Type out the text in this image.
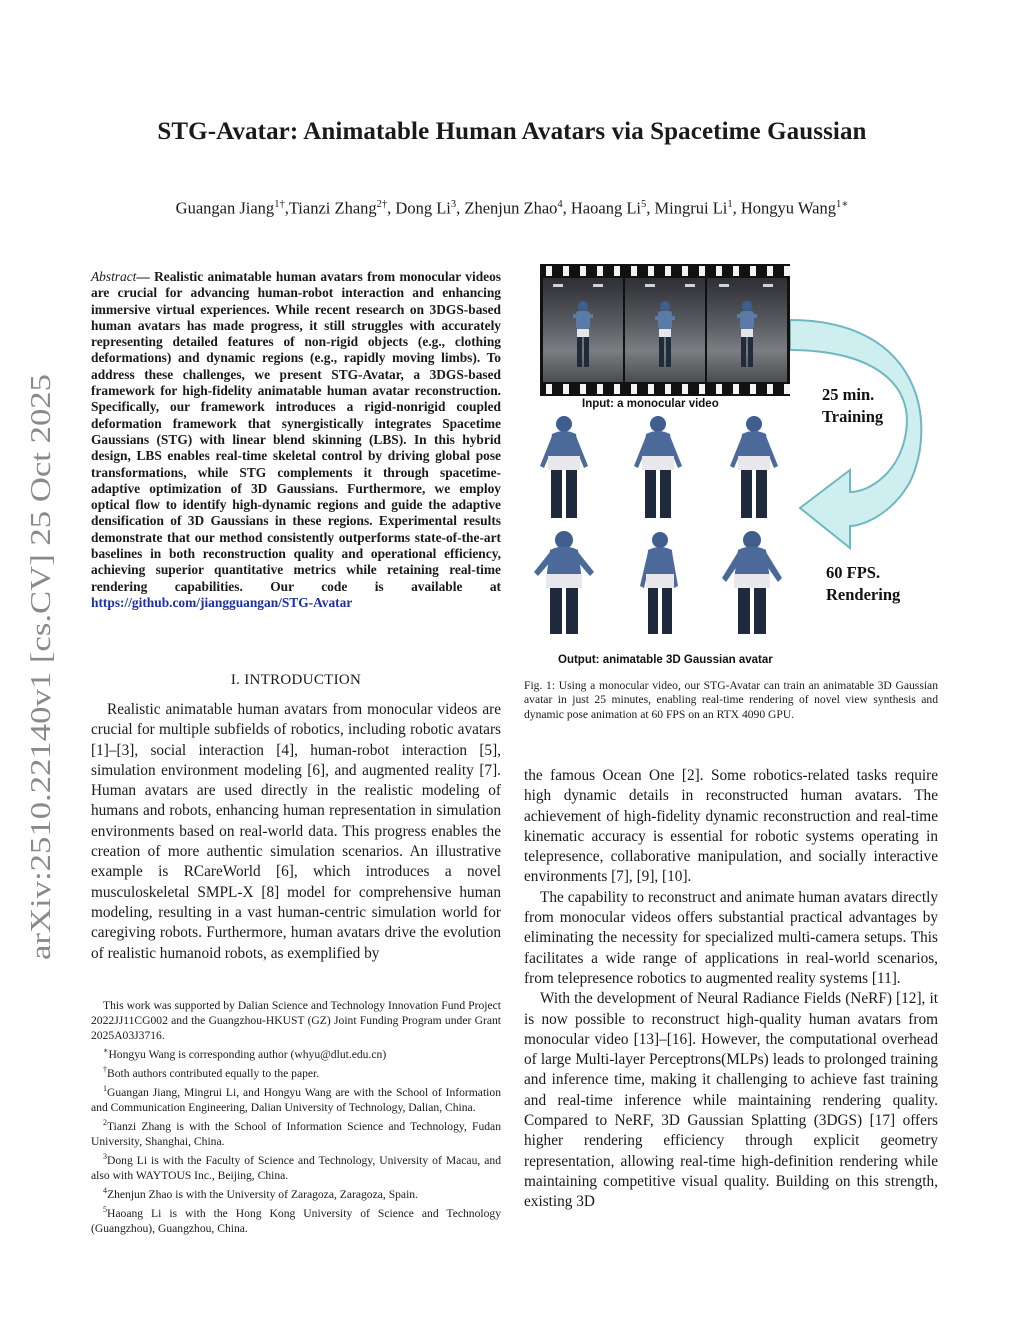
arXiv:2510.22140v1 [cs.CV] 25 Oct 2025
STG-Avatar: Animatable Human Avatars via Spacetime Gaussian
Guangan Jiang$^{1\dagger}$,Tianzi Zhang$^{2\dagger}$, Dong Li$^3$, Zhenjun Zhao$^4$, Haoang Li$^5$, Mingrui Li$^1$, Hongyu Wang$^{1∗}$
Abstract— Realistic animatable human avatars from monocular videos are crucial for advancing human-robot interaction and enhancing immersive virtual experiences. While recent research on 3DGS-based human avatars has made progress, it still struggles with accurately representing detailed features of non-rigid objects (e.g., clothing deformations) and dynamic regions (e.g., rapidly moving limbs). To address these challenges, we present STG-Avatar, a 3DGS-based framework for high-fidelity animatable human avatar reconstruction. Specifically, our framework introduces a rigid-nonrigid coupled deformation framework that synergistically integrates Spacetime Gaussians (STG) with linear blend skinning (LBS). In this hybrid design, LBS enables real-time skeletal control by driving global pose transformations, while STG complements it through spacetime-adaptive optimization of 3D Gaussians. Furthermore, we employ optical flow to identify high-dynamic regions and guide the adaptive densification of 3D Gaussians in these regions. Experimental results demonstrate that our method consistently outperforms state-of-the-art baselines in both reconstruction quality and operational efficiency, achieving superior quantitative metrics while retaining real-time rendering capabilities. Our code is available at https://github.com/jiangguangan/STG-Avatar
I. INTRODUCTION
Realistic animatable human avatars from monocular videos are crucial for multiple subfields of robotics, including robotic avatars [1]–[3], social interaction [4], human-robot interaction [5], simulation environment modeling [6], and augmented reality [7]. Human avatars are used directly in the realistic modeling of humans and robots, enhancing human representation in simulation environments based on real-world data. This progress enables the creation of more authentic simulation scenarios. An illustrative example is RCareWorld [6], which introduces a novel musculoskeletal SMPL-X [8] model for comprehensive human modeling, resulting in a vast human-centric simulation world for caregiving robots. Furthermore, human avatars drive the evolution of realistic humanoid robots, as exemplified by

This work was supported by Dalian Science and Technology Innovation Fund Project 2022JJ11CG002 and the Guangzhou-HKUST (GZ) Joint Funding Program under Grant 2025A03J3716.

∗Hongyu Wang is corresponding author (whyu@dlut.edu.cn)

†Both authors contributed equally to the paper.

$^1$Guangan Jiang, Mingrui Li, and Hongyu Wang are with the School of Information and Communication Engineering, Dalian University of Technology, Dalian, China.

$^2$Tianzi Zhang is with the School of Information Science and Technology, Fudan University, Shanghai, China.

$^3$Dong Li is with the Faculty of Science and Technology, University of Macau, and also with WAYTOUS Inc., Beijing, China.

$^4$Zhenjun Zhao is with the University of Zaragoza, Zaragoza, Spain.

$^5$Haoang Li is with the Hong Kong University of Science and Technology (Guangzhou), Guangzhou, China.

Input: a monocular video	25 min.
Training
60 FPS.
Rendering
Output: animatable 3D Gaussian avatar
Fig. 1: Using a monocular video, our STG-Avatar can train an animatable 3D Gaussian avatar in just 25 minutes, enabling real-time rendering of novel view synthesis and dynamic pose animation at 60 FPS on an RTX 4090 GPU.

the famous Ocean One [2]. Some robotics-related tasks require high dynamic details in reconstructed human avatars. The achievement of high-fidelity dynamic reconstruction and real-time kinematic accuracy is essential for robotic systems operating in telepresence, collaborative manipulation, and socially interactive environments [7], [9], [10].

The capability to reconstruct and animate human avatars directly from monocular videos offers substantial practical advantages by eliminating the necessity for specialized multi-camera setups. This facilitates a wide range of applications in real-world scenarios, from telepresence robotics to augmented reality systems [11].

With the development of Neural Radiance Fields (NeRF) [12], it is now possible to reconstruct high-quality human avatars from monocular video [13]–[16]. However, the computational overhead of large Multi-layer Perceptrons(MLPs) leads to prolonged training and inference time, making it challenging to achieve fast training and real-time inference while maintaining rendering quality. Compared to NeRF, 3D Gaussian Splatting (3DGS) [17] offers higher rendering efficiency through explicit geometry representation, allowing real-time high-definition rendering while maintaining competitive visual quality. Building on this strength, existing 3D
